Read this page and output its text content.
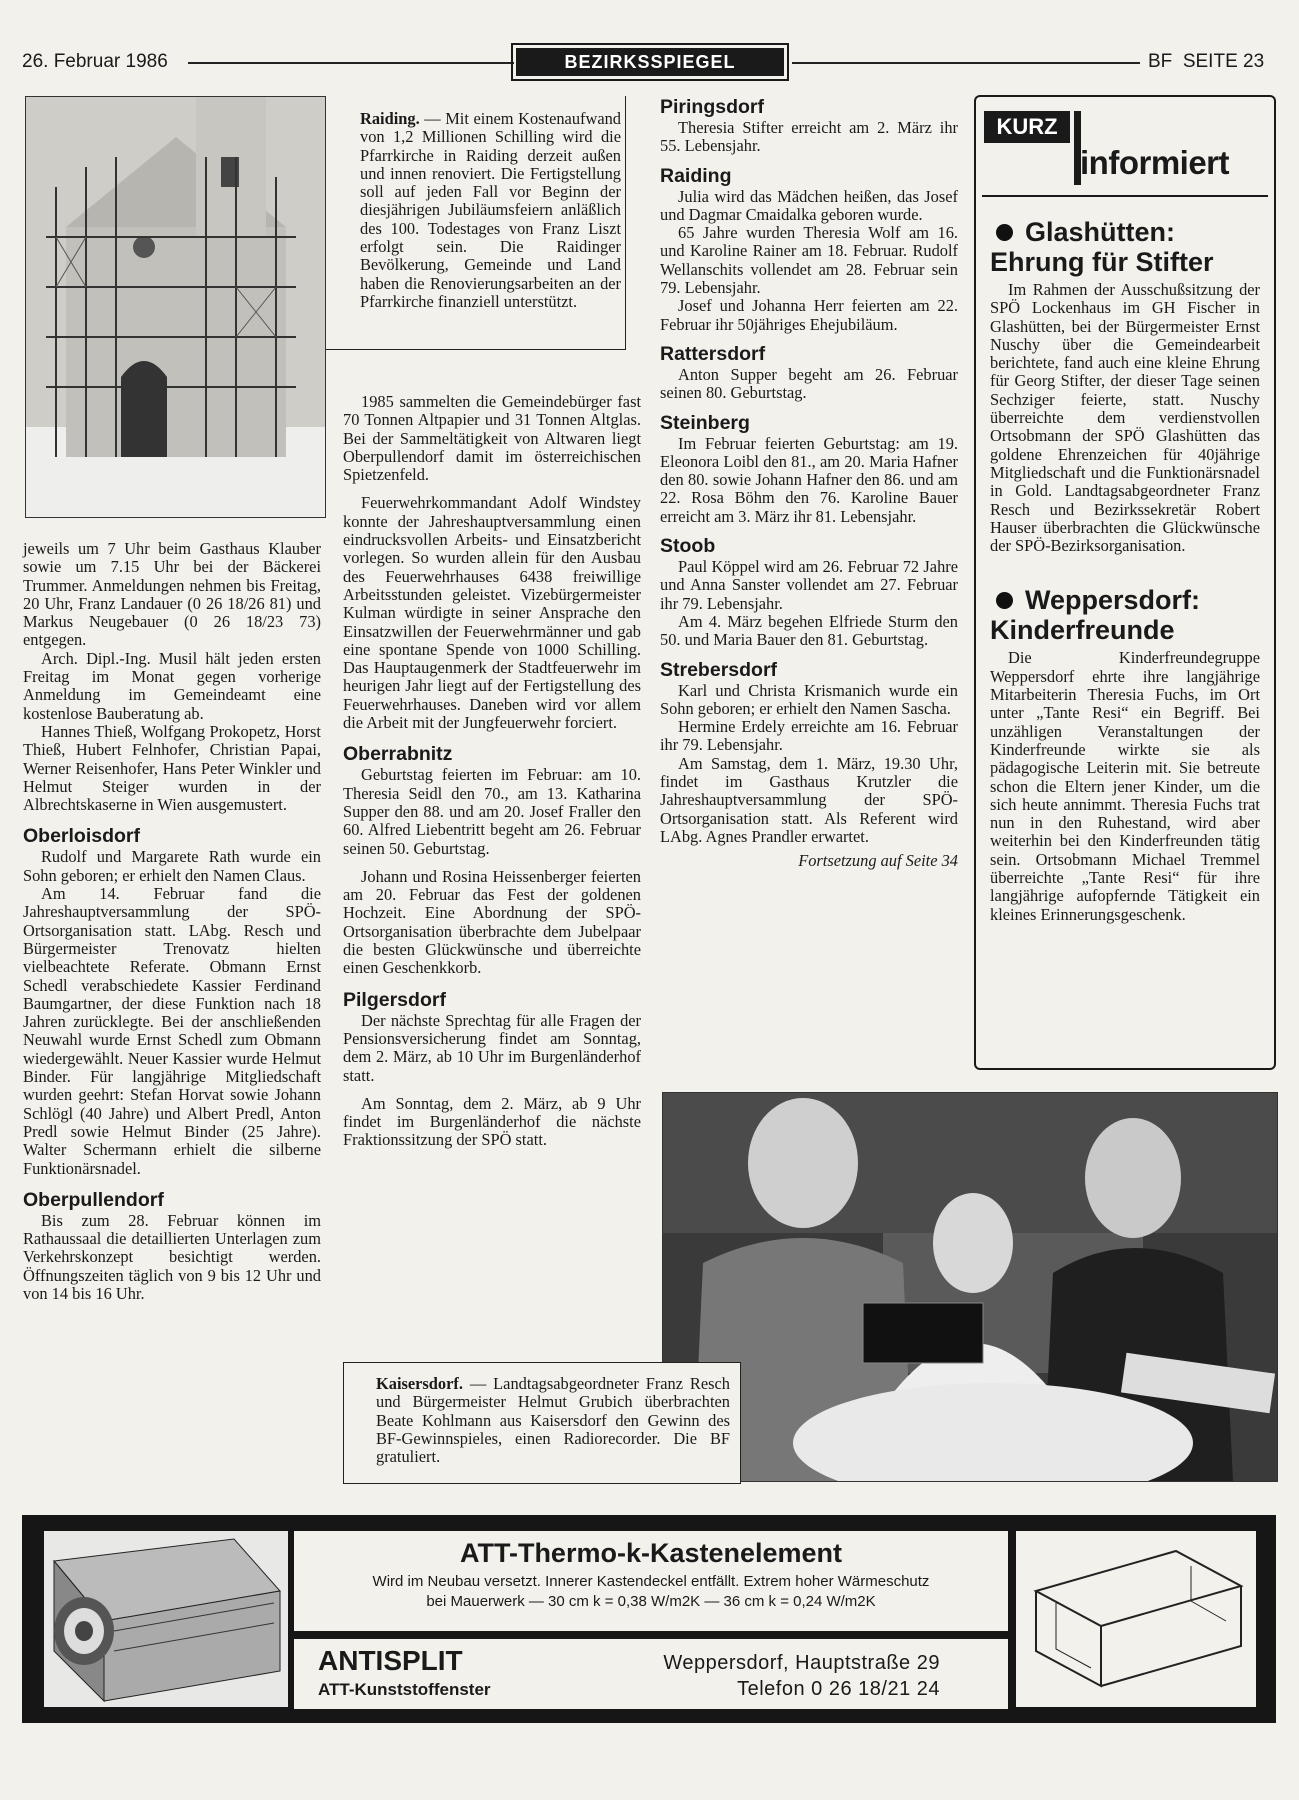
26. Februar 1986	BEZIRKSSPIEGEL	BF  SEITE 23

Raiding. — Mit einem Kostenaufwand von 1,2 Millionen Schilling wird die Pfarrkirche in Raiding derzeit außen und innen renoviert. Die Fertigstellung soll auf jeden Fall vor Beginn der diesjährigen Jubiläumsfeiern anläßlich des 100. Todestages von Franz Liszt erfolgt sein. Die Raidinger Bevölkerung, Gemeinde und Land haben die Renovierungsarbeiten an der Pfarrkirche finanziell unterstützt.

jeweils um 7 Uhr beim Gasthaus Klauber sowie um 7.15 Uhr bei der Bäckerei Trummer. Anmeldungen nehmen bis Freitag, 20 Uhr, Franz Landauer (0 26 18/26 81) und Markus Neugebauer (0 26 18/23 73) entgegen.

Arch. Dipl.-Ing. Musil hält jeden ersten Freitag im Monat gegen vorherige Anmeldung im Gemeindeamt eine kostenlose Bauberatung ab.

Hannes Thieß, Wolfgang Prokopetz, Horst Thieß, Hubert Felnhofer, Christian Papai, Werner Reisenhofer, Hans Peter Winkler und Helmut Steiger wurden in der Albrechtskaserne in Wien ausgemustert.

Oberloisdorf

Rudolf und Margarete Rath wurde ein Sohn geboren; er erhielt den Namen Claus.

Am 14. Februar fand die Jahreshauptversammlung der SPÖ-Ortsorganisation statt. LAbg. Resch und Bürgermeister Trenovatz hielten vielbeachtete Referate. Obmann Ernst Schedl verabschiedete Kassier Ferdinand Baumgartner, der diese Funktion nach 18 Jahren zurücklegte. Bei der anschließenden Neuwahl wurde Ernst Schedl zum Obmann wiedergewählt. Neuer Kassier wurde Helmut Binder. Für langjährige Mitgliedschaft wurden geehrt: Stefan Horvat sowie Johann Schlögl (40 Jahre) und Albert Predl, Anton Predl sowie Helmut Binder (25 Jahre). Walter Schermann erhielt die silberne Funktionärsnadel.

Oberpullendorf

Bis zum 28. Februar können im Rathaussaal die detaillierten Unterlagen zum Verkehrskonzept besichtigt werden. Öffnungszeiten täglich von 9 bis 12 Uhr und von 14 bis 16 Uhr.

1985 sammelten die Gemeindebürger fast 70 Tonnen Altpapier und 31 Tonnen Altglas. Bei der Sammeltätigkeit von Altwaren liegt Oberpullendorf damit im österreichischen Spietzenfeld.

Feuerwehrkommandant Adolf Windstey konnte der Jahreshauptversammlung einen eindrucksvollen Arbeits- und Einsatzbericht vorlegen. So wurden allein für den Ausbau des Feuerwehrhauses 6438 freiwillige Arbeitsstunden geleistet. Vizebürgermeister Kulman würdigte in seiner Ansprache den Einsatzwillen der Feuerwehrmänner und gab eine spontane Spende von 1000 Schilling. Das Hauptaugenmerk der Stadtfeuerwehr im heurigen Jahr liegt auf der Fertigstellung des Feuerwehrhauses. Daneben wird vor allem die Arbeit mit der Jungfeuerwehr forciert.

Oberrabnitz

Geburtstag feierten im Februar: am 10. Theresia Seidl den 70., am 13. Katharina Supper den 88. und am 20. Josef Fraller den 60. Alfred Liebentritt begeht am 26. Februar seinen 50. Geburtstag.

Johann und Rosina Heissenberger feierten am 20. Februar das Fest der goldenen Hochzeit. Eine Abordnung der SPÖ-Ortsorganisation überbrachte dem Jubelpaar die besten Glückwünsche und überreichte einen Geschenkkorb.

Pilgersdorf

Der nächste Sprechtag für alle Fragen der Pensionsversicherung findet am Sonntag, dem 2. März, ab 10 Uhr im Burgenländerhof statt.

Am Sonntag, dem 2. März, ab 9 Uhr findet im Burgenländerhof die nächste Fraktionssitzung der SPÖ statt.

Piringsdorf

Theresia Stifter erreicht am 2. März ihr 55. Lebensjahr.

Raiding

Julia wird das Mädchen heißen, das Josef und Dagmar Cmaidalka geboren wurde.

65 Jahre wurden Theresia Wolf am 16. und Karoline Rainer am 18. Februar. Rudolf Wellanschits vollendet am 28. Februar sein 79. Lebensjahr.

Josef und Johanna Herr feierten am 22. Februar ihr 50jähriges Ehejubiläum.

Rattersdorf

Anton Supper begeht am 26. Februar seinen 80. Geburtstag.

Steinberg

Im Februar feierten Geburtstag: am 19. Eleonora Loibl den 81., am 20. Maria Hafner den 80. sowie Johann Hafner den 86. und am 22. Rosa Böhm den 76. Karoline Bauer erreicht am 3. März ihr 81. Lebensjahr.

Stoob

Paul Köppel wird am 26. Februar 72 Jahre und Anna Sanster vollendet am 27. Februar ihr 79. Lebensjahr.

Am 4. März begehen Elfriede Sturm den 50. und Maria Bauer den 81. Geburtstag.

Strebersdorf

Karl und Christa Krismanich wurde ein Sohn geboren; er erhielt den Namen Sascha.

Hermine Erdely erreichte am 16. Februar ihr 79. Lebensjahr.

Am Samstag, dem 1. März, 19.30 Uhr, findet im Gasthaus Krutzler die Jahreshauptversammlung der SPÖ-Ortsorganisation statt. Als Referent wird LAbg. Agnes Prandler erwartet.

Fortsetzung auf Seite 34

KURZ
informiert
Glashütten: Ehrung für Stifter

Im Rahmen der Ausschußsitzung der SPÖ Lockenhaus im GH Fischer in Glashütten, bei der Bürgermeister Ernst Nuschy über die Gemeindearbeit berichtete, fand auch eine kleine Ehrung für Georg Stifter, der dieser Tage seinen Sechziger feierte, statt. Nuschy überreichte dem verdienstvollen Ortsobmann der SPÖ Glashütten das goldene Ehrenzeichen für 40jährige Mitgliedschaft und die Funktionärsnadel in Gold. Landtagsabgeordneter Franz Resch und Bezirkssekretär Robert Hauser überbrachten die Glückwünsche der SPÖ-Bezirksorganisation.

Weppersdorf: Kinderfreunde

Die Kinderfreundegruppe Weppersdorf ehrte ihre langjährige Mitarbeiterin Theresia Fuchs, im Ort unter „Tante Resi“ ein Begriff. Bei unzähligen Veranstaltungen der Kinderfreunde wirkte sie als pädagogische Leiterin mit. Sie betreute schon die Eltern jener Kinder, um die sich heute annimmt. Theresia Fuchs trat nun in den Ruhestand, wird aber weiterhin bei den Kinderfreunden tätig sein. Ortsobmann Michael Tremmel überreichte „Tante Resi“ für ihre langjährige aufopfernde Tätigkeit ein kleines Erinnerungsgeschenk.

Kaisersdorf. — Landtagsabgeordneter Franz Resch und Bürgermeister Helmut Grubich überbrachten Beate Kohlmann aus Kaisersdorf den Gewinn des BF-Gewinnspieles, einen Radiorecorder. Die BF gratuliert.

ATT-Thermo-k-Kastenelement
Wird im Neubau versetzt. Innerer Kastendeckel entfällt. Extrem hoher Wärmeschutz
bei Mauerwerk — 30 cm k = 0,38 W/m2K — 36 cm k = 0,24 W/m2K
ANTISPLIT
ATT-Kunststoffenster
Weppersdorf, Hauptstraße 29
Telefon 0 26 18/21 24
